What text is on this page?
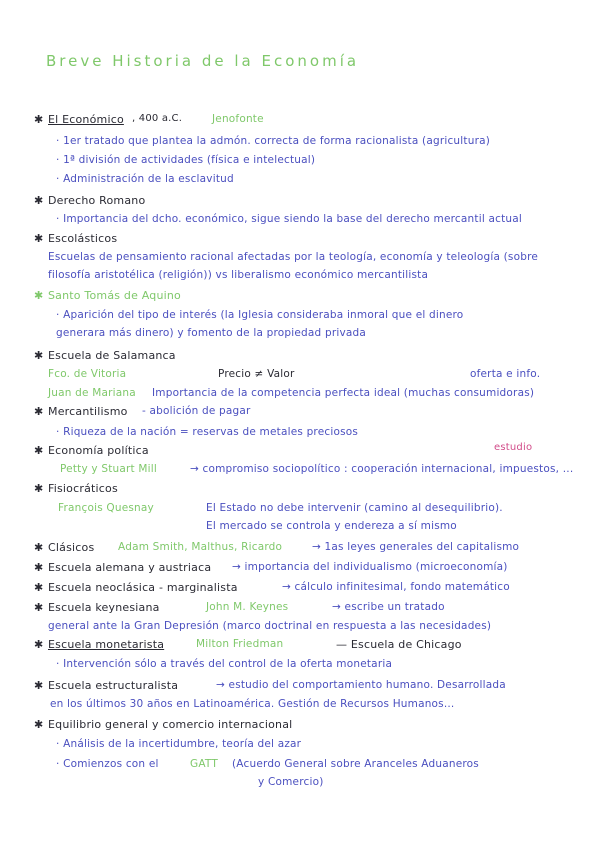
Breve Historia de la Economía
✱ El Económico , 400 a.C.	Jenofonte
· 1er tratado que plantea la admón. correcta de forma racionalista (agricultura)
· 1ª división de actividades (física e intelectual)
· Administración de la esclavitud
✱ Derecho Romano
· Importancia del dcho. económico, sigue siendo la base del derecho mercantil actual
✱ Escolásticos
Escuelas de pensamiento racional afectadas por la teología, economía y teleología (sobre
filosofía aristotélica (religión)) vs liberalismo económico mercantilista
✱ Santo Tomás de Aquino
· Aparición del tipo de interés (la Iglesia consideraba inmoral que el dinero
generara más dinero) y fomento de la propiedad privada
✱ Escuela de Salamanca
Fco. de Vitoria	Precio ≠ Valor	oferta e info.
Juan de Mariana Importancia de la competencia perfecta ideal (muchas consumidoras)
✱ Mercantilismo - abolición de pagar
· Riqueza de la nación = reservas de metales preciosos
✱ Economía política	estudio
Petty y Stuart Mill	→ compromiso sociopolítico : cooperación internacional, impuestos, ...
✱ Fisiocráticos
François Quesnay	El Estado no debe intervenir (camino al desequilibrio).
El mercado se controla y endereza a sí mismo
✱ Clásicos Adam Smith, Malthus, Ricardo	→ 1as leyes generales del capitalismo
✱ Escuela alemana y austriaca → importancia del individualismo (microeconomía)
✱ Escuela neoclásica - marginalista	→ cálculo infinitesimal, fondo matemático
✱ Escuela keynesiana	John M. Keynes	→ escribe un tratado
general ante la Gran Depresión (marco doctrinal en respuesta a las necesidades)
✱ Escuela monetarista	Milton Friedman	— Escuela de Chicago
· Intervención sólo a través del control de la oferta monetaria
✱ Escuela estructuralista	→ estudio del comportamiento humano. Desarrollada
en los últimos 30 años en Latinoamérica. Gestión de Recursos Humanos...
✱ Equilibrio general y comercio internacional
· Análisis de la incertidumbre, teoría del azar
· Comienzos con el	GATT (Acuerdo General sobre Aranceles Aduaneros
y Comercio)
